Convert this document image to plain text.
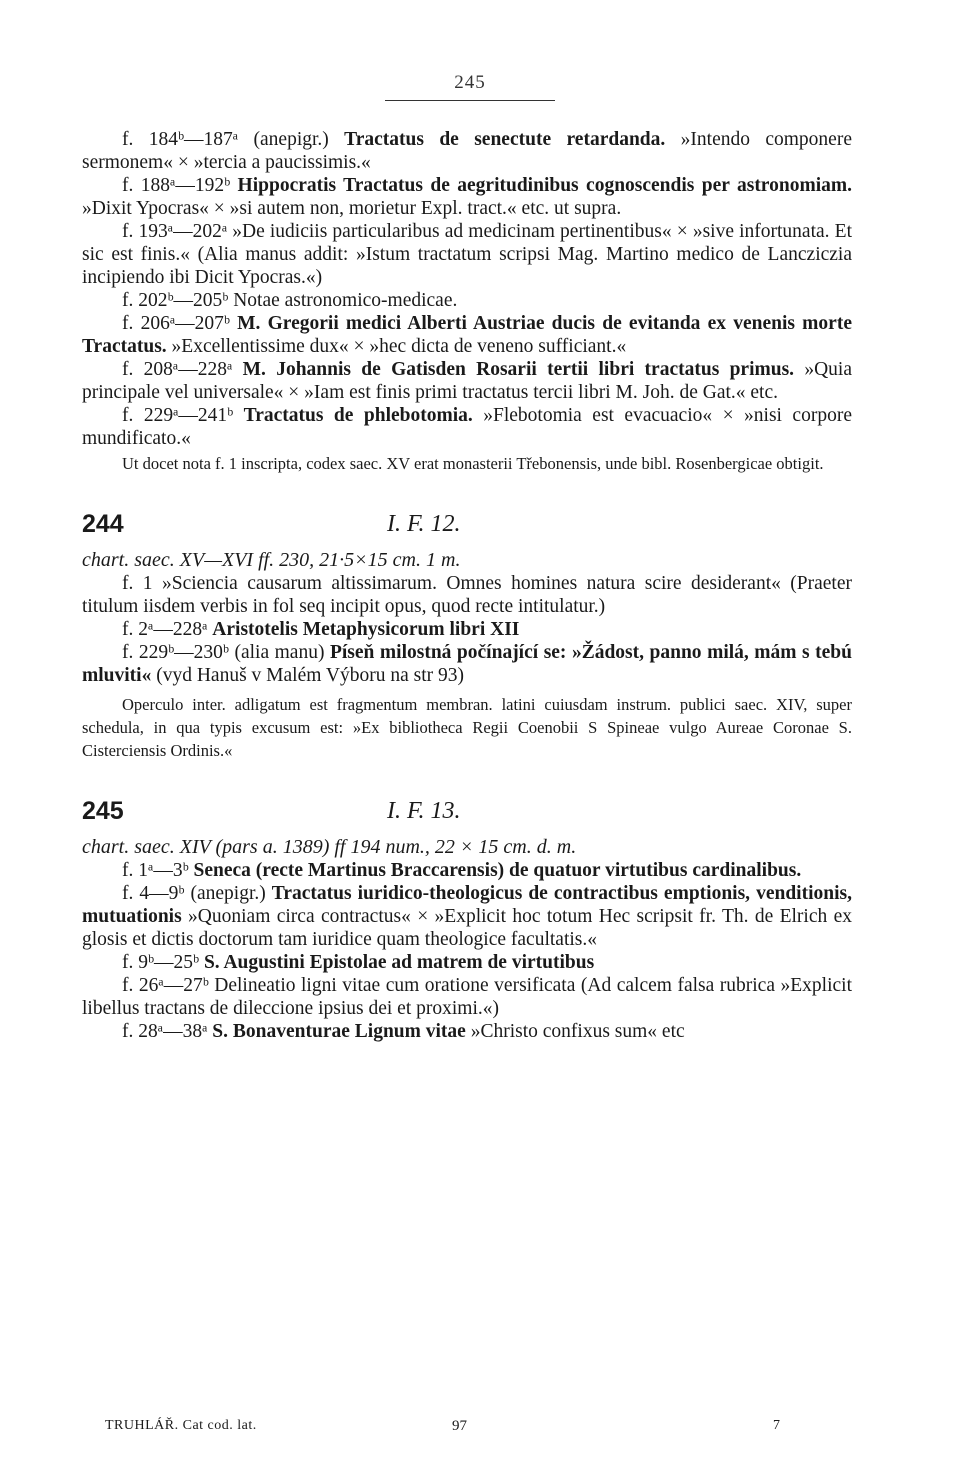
245

f. 184ᵇ—187ᵃ (anepigr.) Tractatus de senectute retardanda. »Intendo componere sermonem« × »tercia a paucissimis.«

f. 188ᵃ—192ᵇ Hippocratis Tractatus de aegritudinibus cognoscendis per astronomiam. »Dixit Ypocras« × »si autem non, morietur Expl. tract.« etc. ut supra.

f. 193ᵃ—202ᵃ »De iudiciis particularibus ad medicinam pertinentibus« × »sive infortunata. Et sic est finis.« (Alia manus addit: »Istum tractatum scripsi Mag. Martino medico de Lancziczia incipiendo ibi Dicit Ypocras.«)

f. 202ᵇ—205ᵇ Notae astronomico-medicae.

f. 206ᵃ—207ᵇ M. Gregorii medici Alberti Austriae ducis de evitanda ex venenis morte Tractatus. »Excellentissime dux« × »hec dicta de veneno sufficiant.«

f. 208ᵃ—228ᵃ M. Johannis de Gatisden Rosarii tertii libri tractatus primus. »Quia principale vel universale« × »Iam est finis primi tractatus tercii libri M. Joh. de Gat.« etc.

f. 229ᵃ—241ᵇ Tractatus de phlebotomia. »Flebotomia est evacuacio« × »nisi corpore mundificato.«

Ut docet nota f. 1 inscripta, codex saec. XV erat monasterii Třebonensis, unde bibl. Rosenbergicae obtigit.

244	I. F. 12.

chart. saec. XV—XVI ff. 230, 21·5×15 cm. 1 m.

f. 1 »Sciencia causarum altissimarum. Omnes homines natura scire desiderant« (Praeter titulum iisdem verbis in fol seq incipit opus, quod recte intitulatur.)

f. 2ᵃ—228ᵃ Aristotelis Metaphysicorum libri XII

f. 229ᵇ—230ᵇ (alia manu) Píseň milostná počínající se: »Žádost, panno milá, mám s tebú mluviti« (vyd Hanuš v Malém Výboru na str 93)

Operculo inter. adligatum est fragmentum membran. latini cuiusdam instrum. publici saec. XIV, super schedula, in qua typis excusum est: »Ex bibliotheca Regii Coenobii S Spineae vulgo Aureae Coronae S. Cisterciensis Ordinis.«

245	I. F. 13.

chart. saec. XIV (pars a. 1389) ff 194 num., 22 × 15 cm. d. m.

f. 1ᵃ—3ᵇ Seneca (recte Martinus Braccarensis) de quatuor virtutibus cardinalibus.

f. 4—9ᵇ (anepigr.) Tractatus iuridico-theologicus de contractibus emptionis, venditionis, mutuationis »Quoniam circa contractus« × »Explicit hoc totum Hec scripsit fr. Th. de Elrich ex glosis et dictis doctorum tam iuridice quam theologice facultatis.«

f. 9ᵇ—25ᵇ S. Augustini Epistolae ad matrem de virtutibus

f. 26ᵃ—27ᵇ Delineatio ligni vitae cum oratione versificata (Ad calcem falsa rubrica »Explicit libellus tractans de dileccione ipsius dei et proximi.«)

f. 28ᵃ—38ᵃ S. Bonaventurae Lignum vitae »Christo confixus sum« etc

TRUHLÁŘ. Cat cod. lat.	97	7
